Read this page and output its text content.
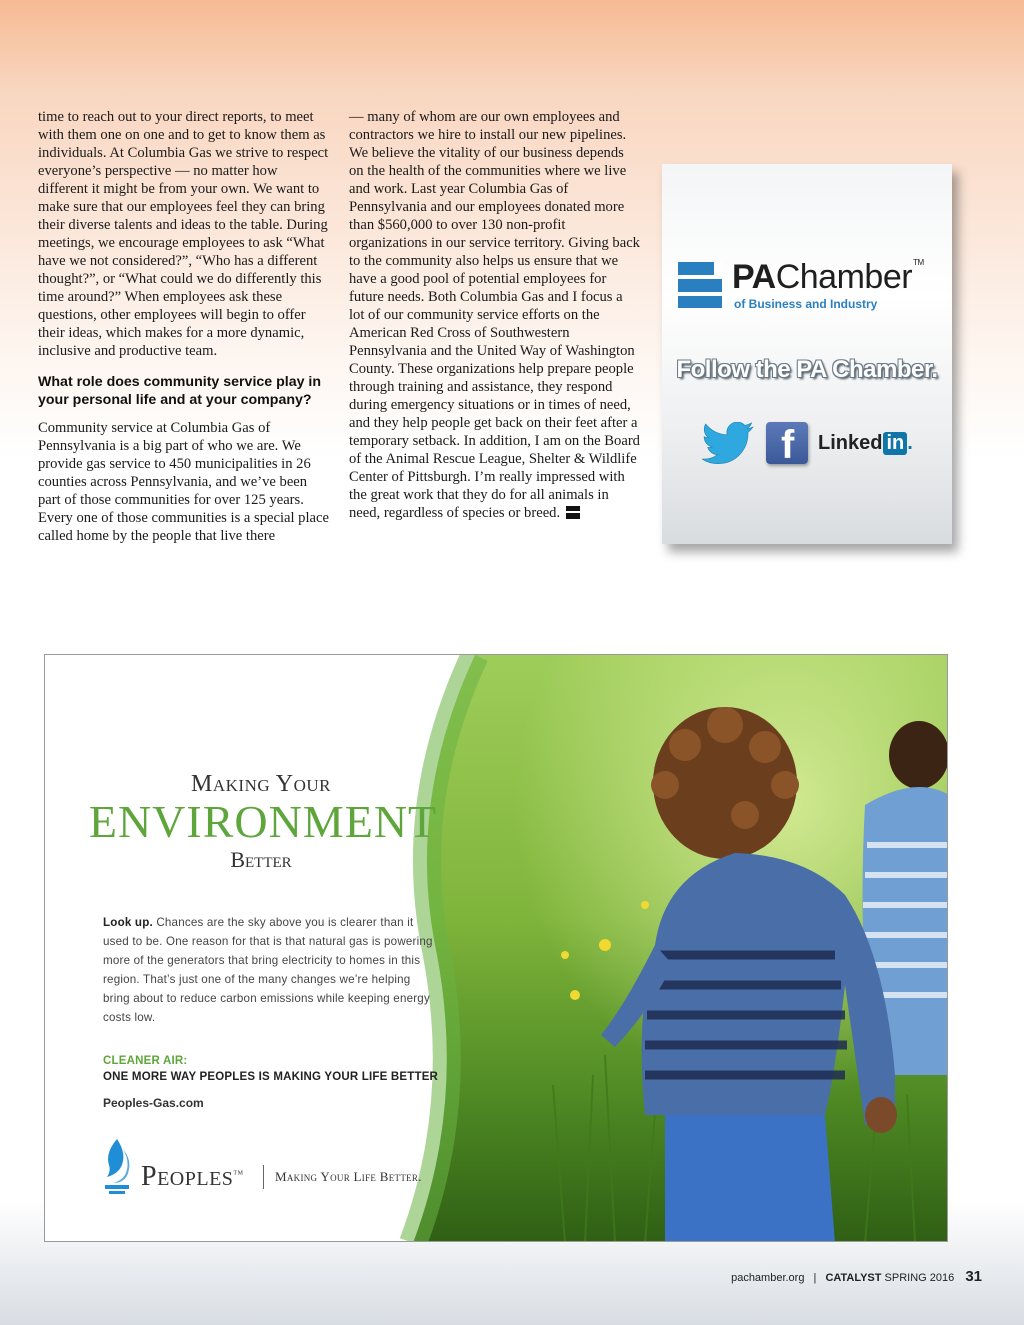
time to reach out to your direct reports, to meet with them one on one and to get to know them as individuals. At Columbia Gas we strive to respect everyone’s perspective — no matter how different it might be from your own. We want to make sure that our employees feel they can bring their diverse talents and ideas to the table. During meetings, we encourage employees to ask “What have we not considered?”, “Who has a different thought?”, or “What could we do differently this time around?” When employees ask these questions, other employees will begin to offer their ideas, which makes for a more dynamic, inclusive and productive team.

What role does community service play in your personal life and at your company?

Community service at Columbia Gas of Pennsylvania is a big part of who we are. We provide gas service to 450 municipalities in 26 counties across Pennsylvania, and we’ve been part of those communities for over 125 years. Every one of those communities is a special place called home by the people that live there

— many of whom are our own employees and contractors we hire to install our new pipelines. We believe the vitality of our business depends on the health of the communities where we live and work. Last year Columbia Gas of Pennsylvania and our employees donated more than $560,000 to over 130 non-profit organizations in our service territory. Giving back to the community also helps us ensure that we have a good pool of potential employees for future needs. Both Columbia Gas and I focus a lot of our community service efforts on the American Red Cross of Southwestern Pennsylvania and the United Way of Washington County. These organizations help prepare people through training and assistance, they respond during emergency situations or in times of need, and they help people get back on their feet after a temporary setback. In addition, I am on the Board of the Animal Rescue League, Shelter & Wildlife Center of Pittsburgh. I’m really impressed with the great work that they do for all animals in need, regardless of species or breed.

PAChamber™
of Business and Industry
Follow the PA Chamber.
f Linked in .
Making Your
ENVIRONMENT
Better
Look up. Chances are the sky above you is clearer than it used to be. One reason for that is that natural gas is powering more of the generators that bring electricity to homes in this region. That’s just one of the many changes we’re helping bring about to reduce carbon emissions while keeping energy costs low.
CLEANER AIR:
ONE MORE WAY PEOPLES IS MAKING YOUR LIFE BETTER
Peoples-Gas.com
Peoples™ Making Your Life Better.
pachamber.org | CATALYST SPRING 2016 31
